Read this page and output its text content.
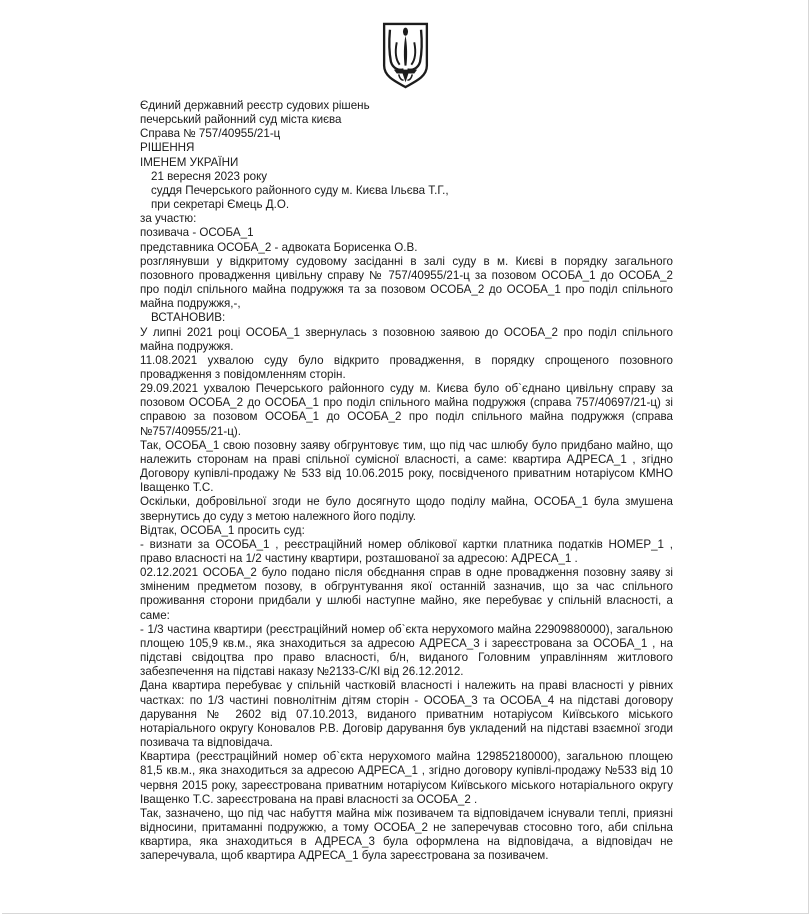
Єдиний державний реєстр судових рішень

печерський районний суд міста києва

Справа № 757/40955/21-ц

РІШЕННЯ

ІМЕНЕМ УКРАЇНИ

21 вересня 2023 року

суддя Печерського районного суду м. Києва Ільєва Т.Г.,

при секретарі Ємець Д.О.

за участю:

позивача - ОСОБА_1

представника ОСОБА_2 - адвоката Борисенка О.В.

розглянувши у відкритому судовому засіданні в залі суду в м. Києві в порядку загального позовного провадження цивільну справу № 757/40955/21-ц за позовом ОСОБА_1 до ОСОБА_2 про поділ спільного майна подружжя та за позовом ОСОБА_2 до ОСОБА_1 про поділ спільного майна подружжя,-,

ВСТАНОВИВ:

У липні 2021 році ОСОБА_1 звернулась з позовною заявою до ОСОБА_2 про поділ спільного майна подружжя.

11.08.2021 ухвалою суду було відкрито провадження, в порядку спрощеного позовного провадження з повідомленням сторін.

29.09.2021 ухвалою Печерського районного суду м. Києва було об`єднано цивільну справу за позовом ОСОБА_2 до ОСОБА_1 про поділ спільного майна подружжя (справа 757/40697/21-ц) зі справою за позовом ОСОБА_1 до ОСОБА_2 про поділ спільного майна подружжя (справа №757/40955/21-ц).

Так, ОСОБА_1 свою позовну заяву обгрунтовує тим, що під час шлюбу було придбано майно, що належить сторонам на праві спільної сумісної власності, а саме: квартира АДРЕСА_1 , згідно Договору купівлі-продажу № 533 від 10.06.2015 року, посвідченого приватним нотаріусом КМНО Іващенко Т.С.

Оскільки, добровільної згоди не було досягнуто щодо поділу майна, ОСОБА_1 була змушена звернутись до суду з метою належного його поділу.

Відтак, ОСОБА_1 просить суд:

- визнати за ОСОБА_1 , реєстраційний номер облікової картки платника податків НОМЕР_1 , право власності на 1/2 частину квартири, розташованої за адресою: АДРЕСА_1 .

02.12.2021 ОСОБА_2 було подано після обєднання справ в одне провадження позовну заяву зі зміненим предметом позову, в обгрунтування якої останній зазначив, що за час спільного проживання сторони придбали у шлюбі наступне майно, яке перебуває у спільній власності, а саме:

- 1/3 частина квартири (реєстраційний номер об`єкта нерухомого майна 22909880000), загальною площею 105,9 кв.м., яка знаходиться за адресою АДРЕСА_3 і зареєстрована за ОСОБА_1 , на підставі свідоцтва про право власності, б/н, виданого Головним управлінням житлового забезпечення на підставі наказу №2133-С/КІ від 26.12.2012.

Дана квартира перебуває у спільній частковій власності і належить на праві власності у рівних частках: по 1/3 частині повнолітнім дітям сторін - ОСОБА_3 та ОСОБА_4 на підставі договору дарування № 2602 від 07.10.2013, виданого приватним нотаріусом Київського міського нотаріального округу Коновалов Р.В. Договір дарування був укладений на підставі взаємної згоди позивача та відповідача.

Квартира (реєстраційний номер об`єкта нерухомого майна 129852180000), загальною площею 81,5 кв.м., яка знаходиться за адресою АДРЕСА_1 , згідно договору купівлі-продажу №533 від 10 червня 2015 року, зареєстрована приватним нотаріусом Київського міського нотаріального округу Іващенко Т.С. зареєстрована на праві власності за ОСОБА_2 .

Так, зазначено, що під час набуття майна між позивачем та відповідачем існували теплі, приязні відносини, притаманні подружжю, а тому ОСОБА_2 не заперечував стосовно того, аби спільна квартира, яка знаходиться в АДРЕСА_3 була оформлена на відповідача, а відповідач не заперечувала, щоб квартира АДРЕСА_1 була зареєстрована за позивачем.
